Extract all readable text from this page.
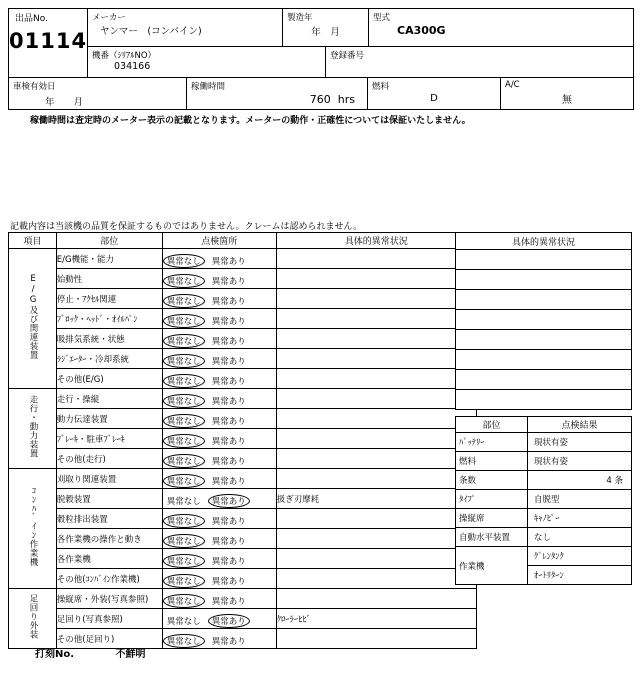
出品No.
01114
メーカー
ヤンマー　(コンバイン)
製造年
年　月
型式
CA300G
機番（ｼﾘｱﾙNO）
034166
登録番号
車検有効日
年　　月
稼働時間
760 hrs
燃料
D
A/C
無
稼働時間は査定時のメーター表示の記載となります。メーターの動作・正確性については保証いたしません。
記載内容は当該機の品質を保証するものではありません。クレームは認められません。
項目	部位	点検箇所	具体的異常状況
E/G及び関連装置	E/G機能・能力	異常なし 異常あり	
	始動性	異常なし 異常あり	
	停止・ｱｸｾﾙ関連	異常なし 異常あり	
	ﾌﾞﾛｯｸ・ﾍｯﾄﾞ・ｵｲﾙﾊﾟﾝ	異常なし 異常あり	
	吸排気系統・状態	異常なし 異常あり	
	ﾗｼﾞｴｰﾀｰ・冷却系統	異常なし 異常あり	
	その他(E/G)	異常なし 異常あり	
走行・動力装置	走行・操縦	異常なし 異常あり	
	動力伝達装置	異常なし 異常あり	
	ﾌﾞﾚｰｷ・駐車ﾌﾞﾚｰｷ	異常なし 異常あり	
	その他(走行)	異常なし 異常あり	
ｺﾝﾊﾞｲﾝ作業機	刈取り関連装置	異常なし 異常あり	
	脱穀装置	異常なし 異常あり	扱ぎ刃摩耗
	穀粒排出装置	異常なし 異常あり	
	各作業機の操作と動き	異常なし 異常あり	
	各作業機	異常なし 異常あり	
	その他(ｺﾝﾊﾞｲﾝ作業機)	異常なし 異常あり	
足回り外装	操縦席・外装(写真参照)	異常なし 異常あり	
	足回り(写真参照)	異常なし 異常あり	ｸﾛｰﾗｰﾋﾋﾞ
	その他(足回り)	異常なし 異常あり	
具体的異常状況

部位	点検結果
ﾊﾞｯﾃﾘｰ	現状有姿
燃料	現状有姿
条数	4 条
ﾀｲﾌﾟ	自脱型
操縦席	ｷｬﾉﾋﾟｰ
自動水平装置	なし
作業機	ｸﾞﾚﾝﾀﾝｸ
	ｵｰﾄﾘﾀｰﾝ
打刻No.	不鮮明
